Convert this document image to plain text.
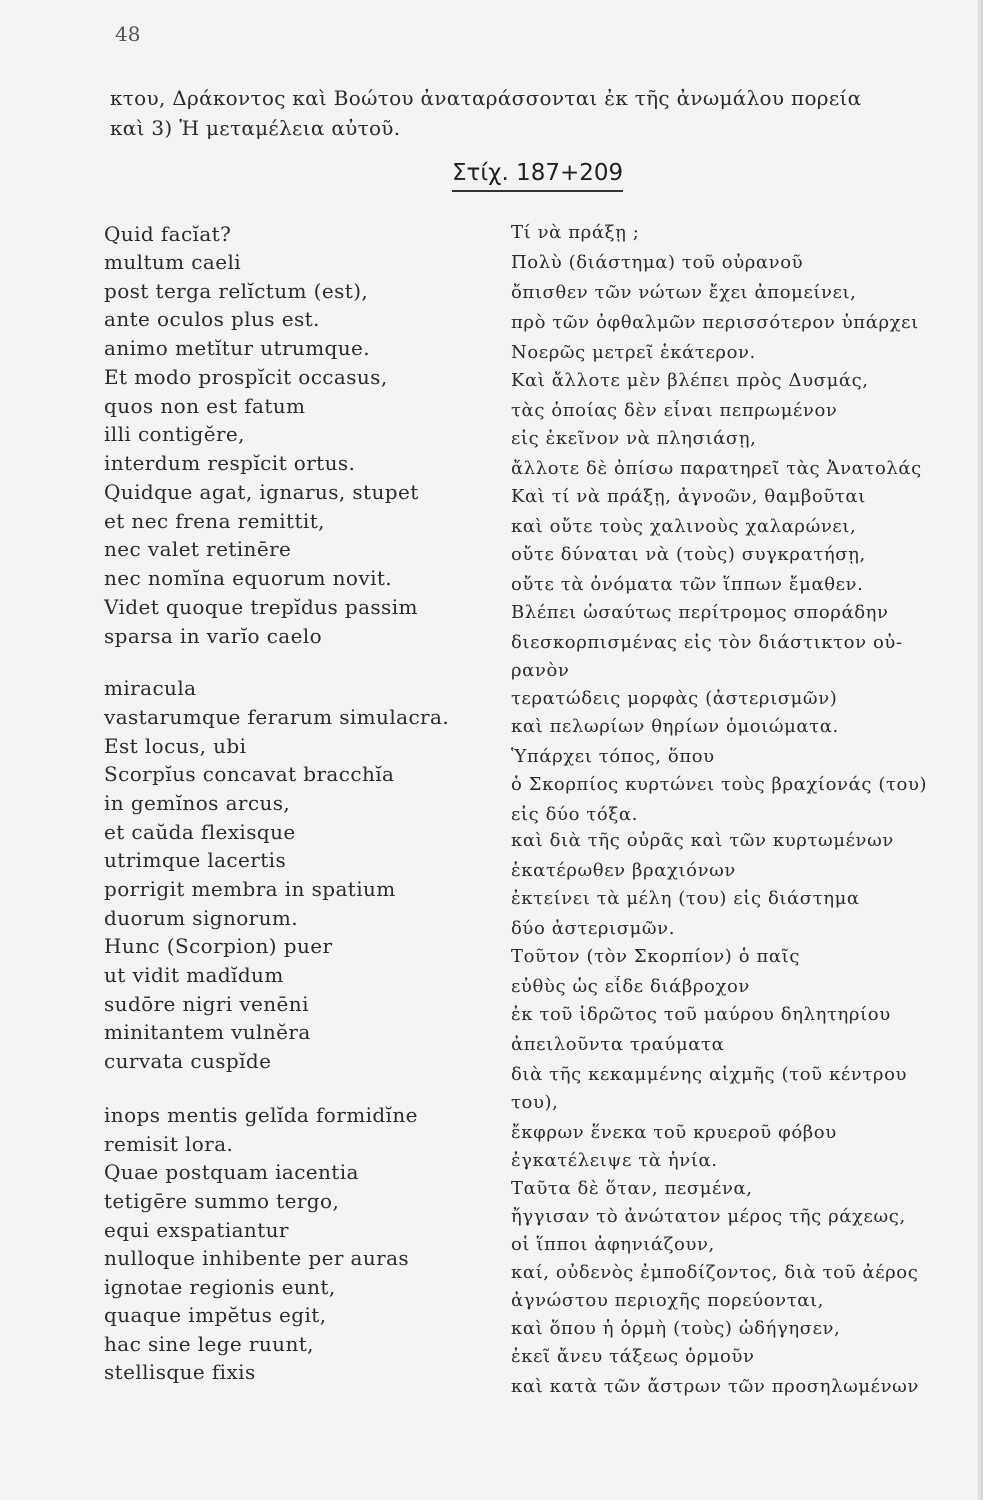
48
κτου, Δράκοντος καὶ Βοώτου ἀναταράσσονται ἐκ τῆς ἀνωμάλου πορεία
καὶ 3) Ἡ μεταμέλεια αὐτοῦ.
Στίχ. 187+209
Quid facĭat?
multum caeli
post terga relĭctum (est),
ante oculos plus est.
animo metĭtur utrumque.
Et modo prospĭcit occasus,
quos non est fatum
illi contigĕre,
interdum respĭcit ortus.
Quidque agat, ignarus, stupet
et nec frena remittit,
nec valet retinēre
nec nomĭna equorum novit.
Videt quoque trepĭdus passim
sparsa in varĭo caelo
miracula
vastarumque ferarum simulacra.
Est locus, ubi
Scorpĭus concavat bracchĭa
in gemĭnos arcus,
et caŭda flexisque
utrimque lacertis
porrigit membra in spatium
duorum signorum.
Hunc (Scorpion) puer
ut vidit madĭdum
sudōre nigri venēni
minitantem vulnĕra
curvata cuspĭde
inops mentis gelĭda formidĭne
remisit lora.
Quae postquam iacentia
tetigēre summo tergo,
equi exspatiantur
nulloque inhibente per auras
ignotae regionis eunt,
quaque impĕtus egit,
hac sine lege ruunt,
stellisque fixis
Τί νὰ πράξῃ ;
Πολὺ (διάστημα) τοῦ οὐρανοῦ
ὄπισθεν τῶν νώτων ἔχει ἀπομείνει,
πρὸ τῶν ὀφθαλμῶν περισσότερον ὑπάρχει
Νοερῶς μετρεῖ ἑκάτερον.
Καὶ ἄλλοτε μὲν βλέπει πρὸς Δυσμάς,
τὰς ὁποίας δὲν εἶναι πεπρωμένον
εἰς ἐκεῖνον νὰ πλησιάσῃ,
ἄλλοτε δὲ ὀπίσω παρατηρεῖ τὰς Ἀνατολάς
Καὶ τί νὰ πράξῃ, ἀγνοῶν, θαμβοῦται
καὶ οὔτε τοὺς χαλινοὺς χαλαρώνει,
οὔτε δύναται νὰ (τοὺς) συγκρατήσῃ,
οὔτε τὰ ὀνόματα τῶν ἵππων ἔμαθεν.
Βλέπει ὡσαύτως περίτρομος σποράδην
διεσκορπισμένας εἰς τὸν διάστικτον οὐ-
ρανὸν
τερατώδεις μορφὰς (ἀστερισμῶν)
καὶ πελωρίων θηρίων ὁμοιώματα.
Ὑπάρχει τόπος, ὅπου
ὁ Σκορπίος κυρτώνει τοὺς βραχίονάς (του)
εἰς δύο τόξα.
καὶ διὰ τῆς οὐρᾶς καὶ τῶν κυρτωμένων
ἑκατέρωθεν βραχιόνων
ἐκτείνει τὰ μέλη (του) εἰς διάστημα
δύο ἀστερισμῶν.
Τοῦτον (τὸν Σκορπίον) ὁ παῖς
εὐθὺς ὡς εἶδε διάβροχον
ἐκ τοῦ ἱδρῶτος τοῦ μαύρου δηλητηρίου
ἀπειλοῦντα τραύματα
διὰ τῆς κεκαμμένης αἰχμῆς (τοῦ κέντρου
του),
ἔκφρων ἕνεκα τοῦ κρυεροῦ φόβου
ἐγκατέλειψε τὰ ἡνία.
Ταῦτα δὲ ὅταν, πεσμένα,
ἤγγισαν τὸ ἀνώτατον μέρος τῆς ράχεως,
οἱ ἵπποι ἀφηνιάζουν,
καί, οὐδενὸς ἐμποδίζοντος, διὰ τοῦ ἀέρος
ἀγνώστου περιοχῆς πορεύονται,
καὶ ὅπου ἡ ὁρμὴ (τοὺς) ὡδήγησεν,
ἐκεῖ ἄνευ τάξεως ὁρμοῦν
καὶ κατὰ τῶν ἄστρων τῶν προσηλωμένων
